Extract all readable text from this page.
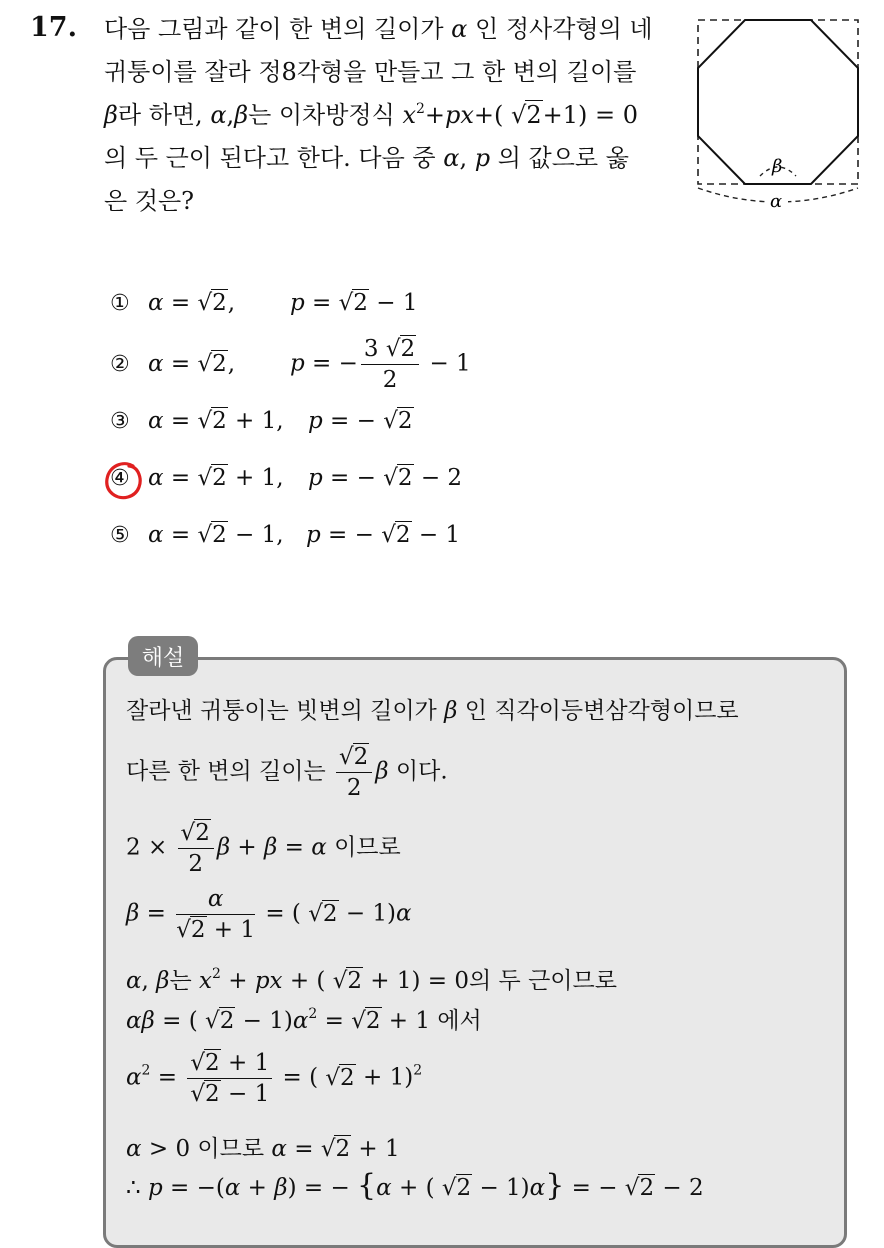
17. 다음 그림과 같이 한 변의 길이가 α 인 정사각형의 네
귀퉁이를 잘라 정8각형을 만들고 그 한 변의 길이를
β라 하면, α,β는 이차방정식 $x^2+px+$( √2+1) = 0
의 두 근이 된다고 한다. 다음 중 α, p 의 값으로 옳
은 것은?
β
α
① α = √2, p = √2 − 1
② α = √2, p = − $\frac{3 √2}{2} - 1$
③ α = √2 + 1, p = − √2
④ α = √2 + 1, p = − √2 − 2
⑤ α = √2 − 1, p = − √2 − 1
해설
잘라낸 귀퉁이는 빗변의 길이가 β 인 직각이등변삼각형이므로
다른 한 변의 길이는 $\frac{√2}{2}$ β 이다.
$2 \times \frac{√2}{2}$ β + β = α 이므로
$\beta = \frac{\alpha}{√2 + 1}$ = ( √2 − 1)α
α, β는 $x^2$ + px + ( √2 + 1) = 0의 두 근이므로
αβ = ( $√2 - 1)\alpha^2 = √2 + 1$ 에서
$\alpha^2 = \frac{√2 + 1}{√2 - 1}$ = ( √2 + 1)$^2$
α > 0 이므로 α = √2 + 1
∴ p = −(α + β) = − {α + ( √2 − 1)α} = − √2 − 2
